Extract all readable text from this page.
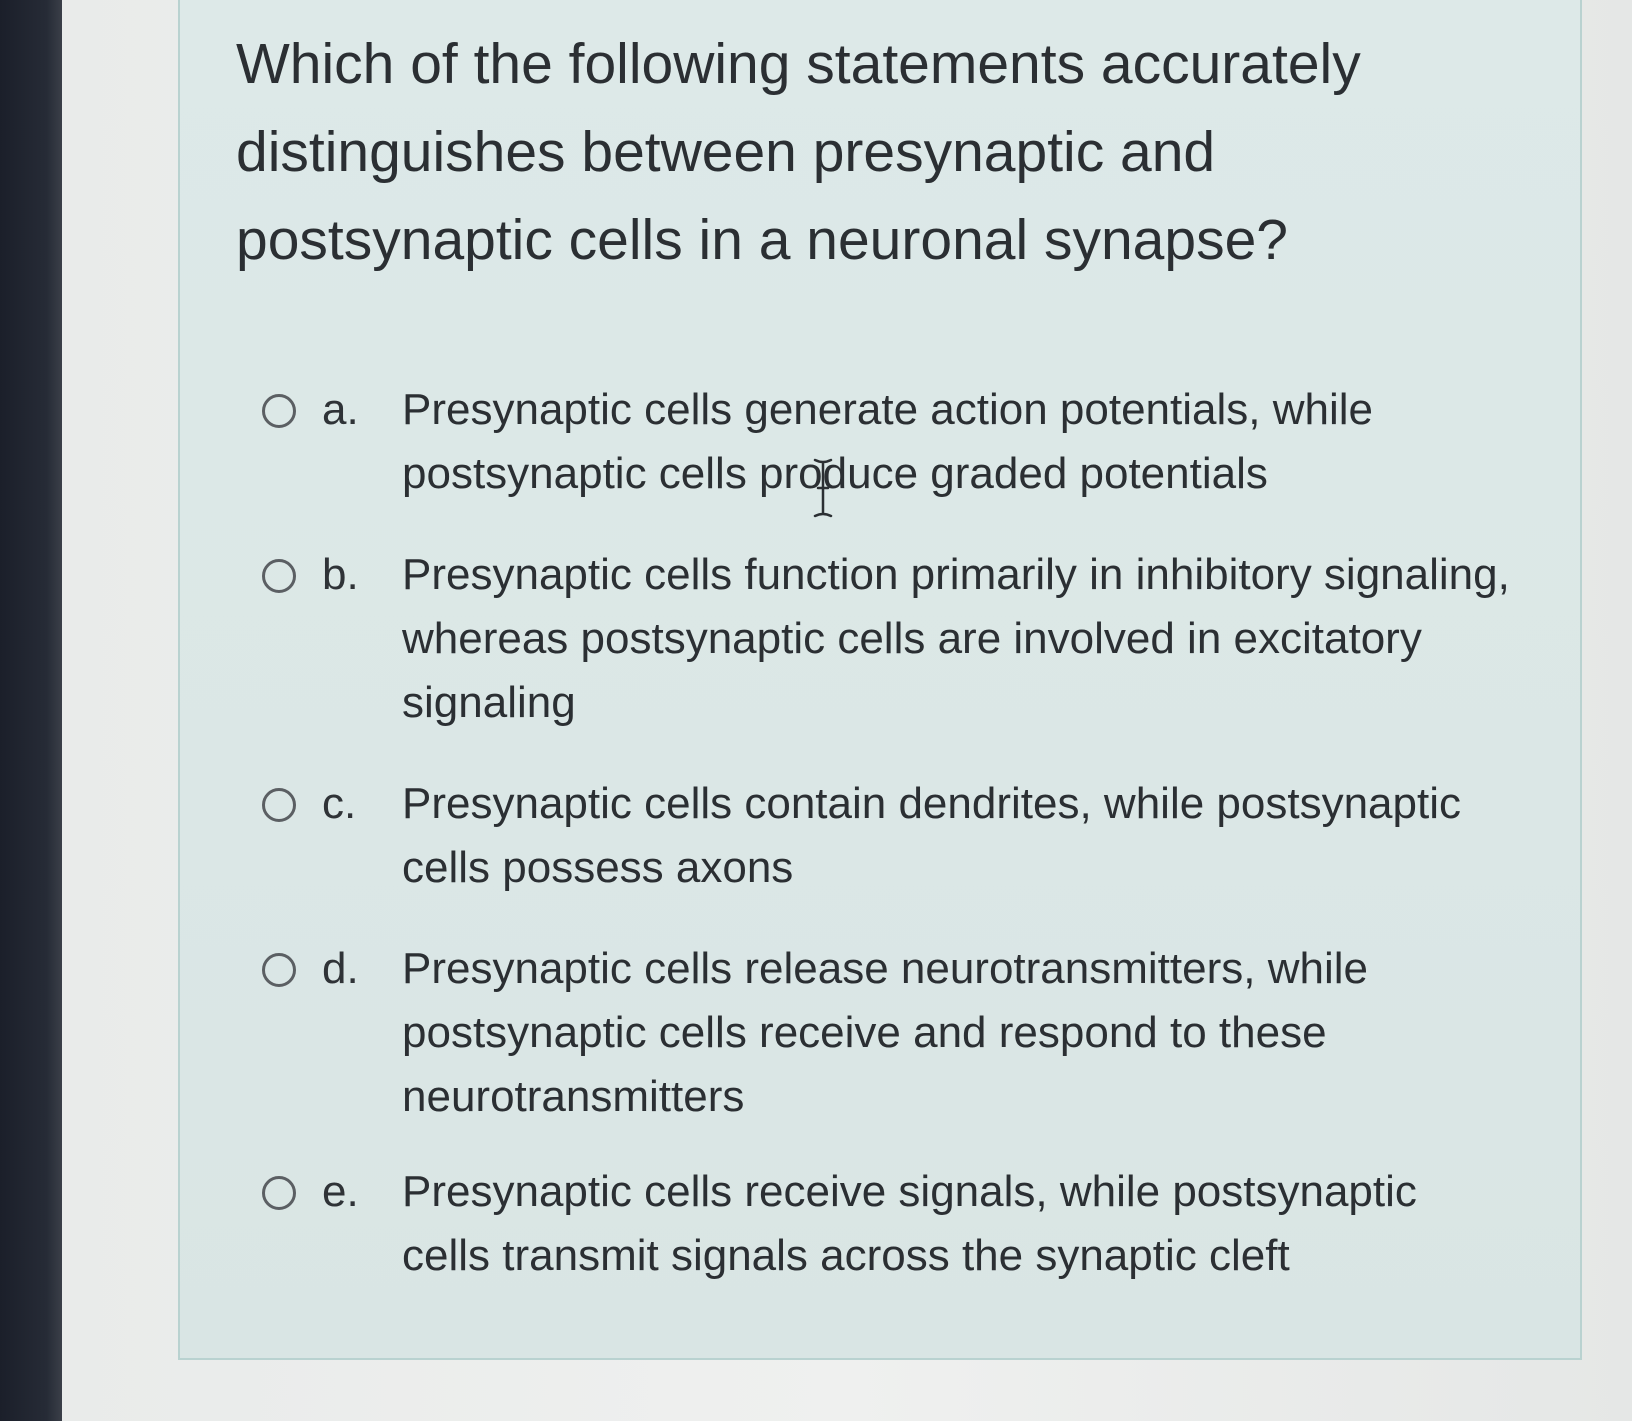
Which of the following statements accurately distinguishes between presynaptic and postsynaptic cells in a neuronal synapse?
a. Presynaptic cells generate action potentials, while postsynaptic cells produce graded potentials
b. Presynaptic cells function primarily in inhibitory signaling, whereas postsynaptic cells are involved in excitatory signaling
c.	Presynaptic cells contain dendrites, while postsynaptic cells possess axons
d. Presynaptic cells release neurotransmitters, while postsynaptic cells receive and respond to these neurotransmitters
e. Presynaptic cells receive signals, while postsynaptic cells transmit signals across the synaptic cleft
